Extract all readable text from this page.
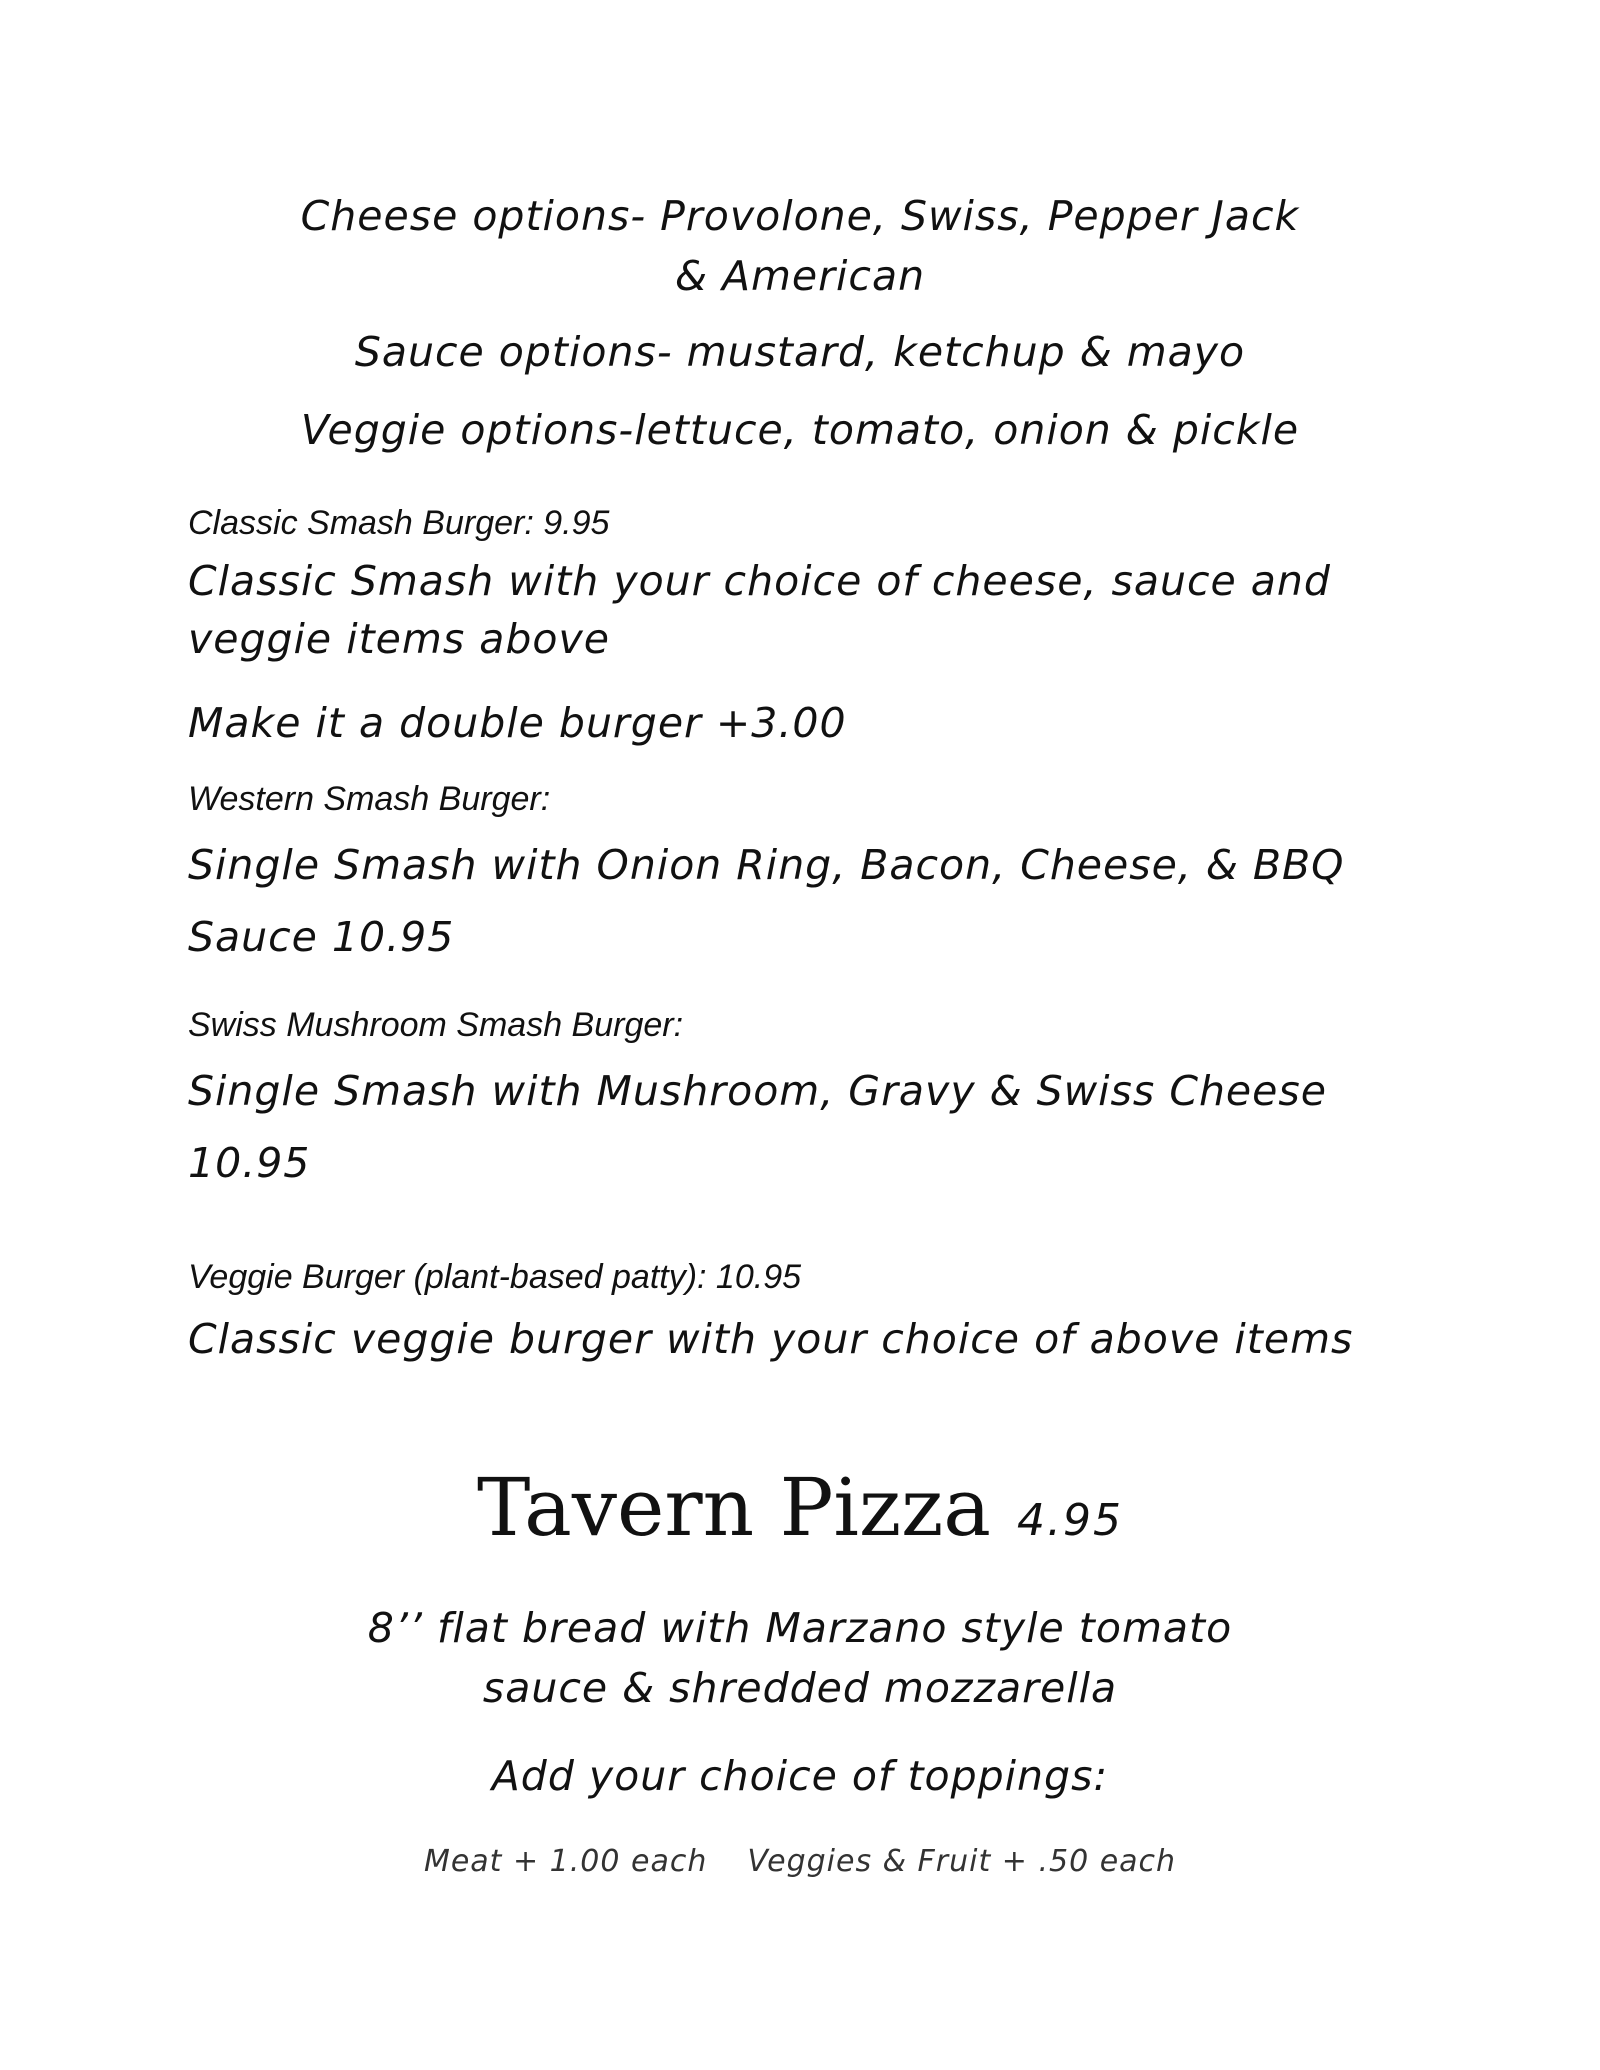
Cheese options- Provolone, Swiss, Pepper Jack & American
Sauce options- mustard, ketchup & mayo
Veggie options-lettuce, tomato, onion & pickle
Classic Smash Burger: 9.95
Classic Smash with your choice of cheese, sauce and veggie items above
Make it a double burger +3.00
Western Smash Burger:
Single Smash with Onion Ring, Bacon, Cheese, & BBQ
Sauce 10.95
Swiss Mushroom Smash Burger:
Single Smash with Mushroom, Gravy & Swiss Cheese
10.95
Veggie Burger (plant-based patty): 10.95
Classic veggie burger with your choice of above items
Tavern Pizza 4.95
8’’ flat bread with Marzano style tomato sauce & shredded mozzarella
Add your choice of toppings:
Meat + 1.00 each Veggies & Fruit + .50 each
